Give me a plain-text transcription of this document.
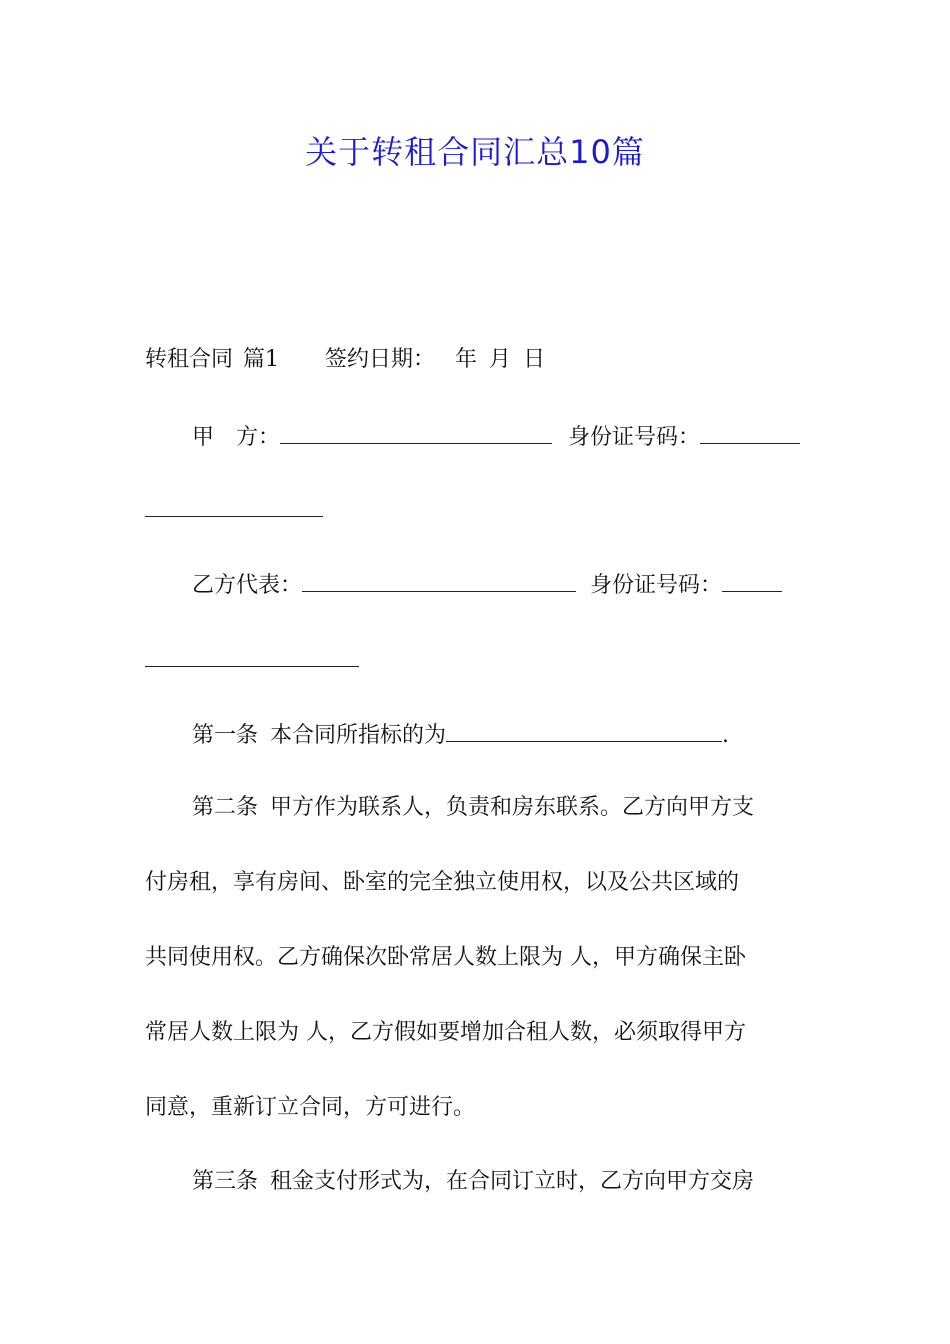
关于转租合同汇总10篇
转租合同 篇1 签约日期： 年 月 日
甲　方：	身份证号码：
乙方代表：	身份证号码：
第一条 本合同所指标的为	.
第二条 甲方作为联系人，负责和房东联系。乙方向甲方支
付房租，享有房间、卧室的完全独立使用权，以及公共区域的
共同使用权。乙方确保次卧常居人数上限为 人，甲方确保主卧
常居人数上限为 人，乙方假如要增加合租人数，必须取得甲方
同意，重新订立合同，方可进行。
第三条 租金支付形式为，在合同订立时，乙方向甲方交房
